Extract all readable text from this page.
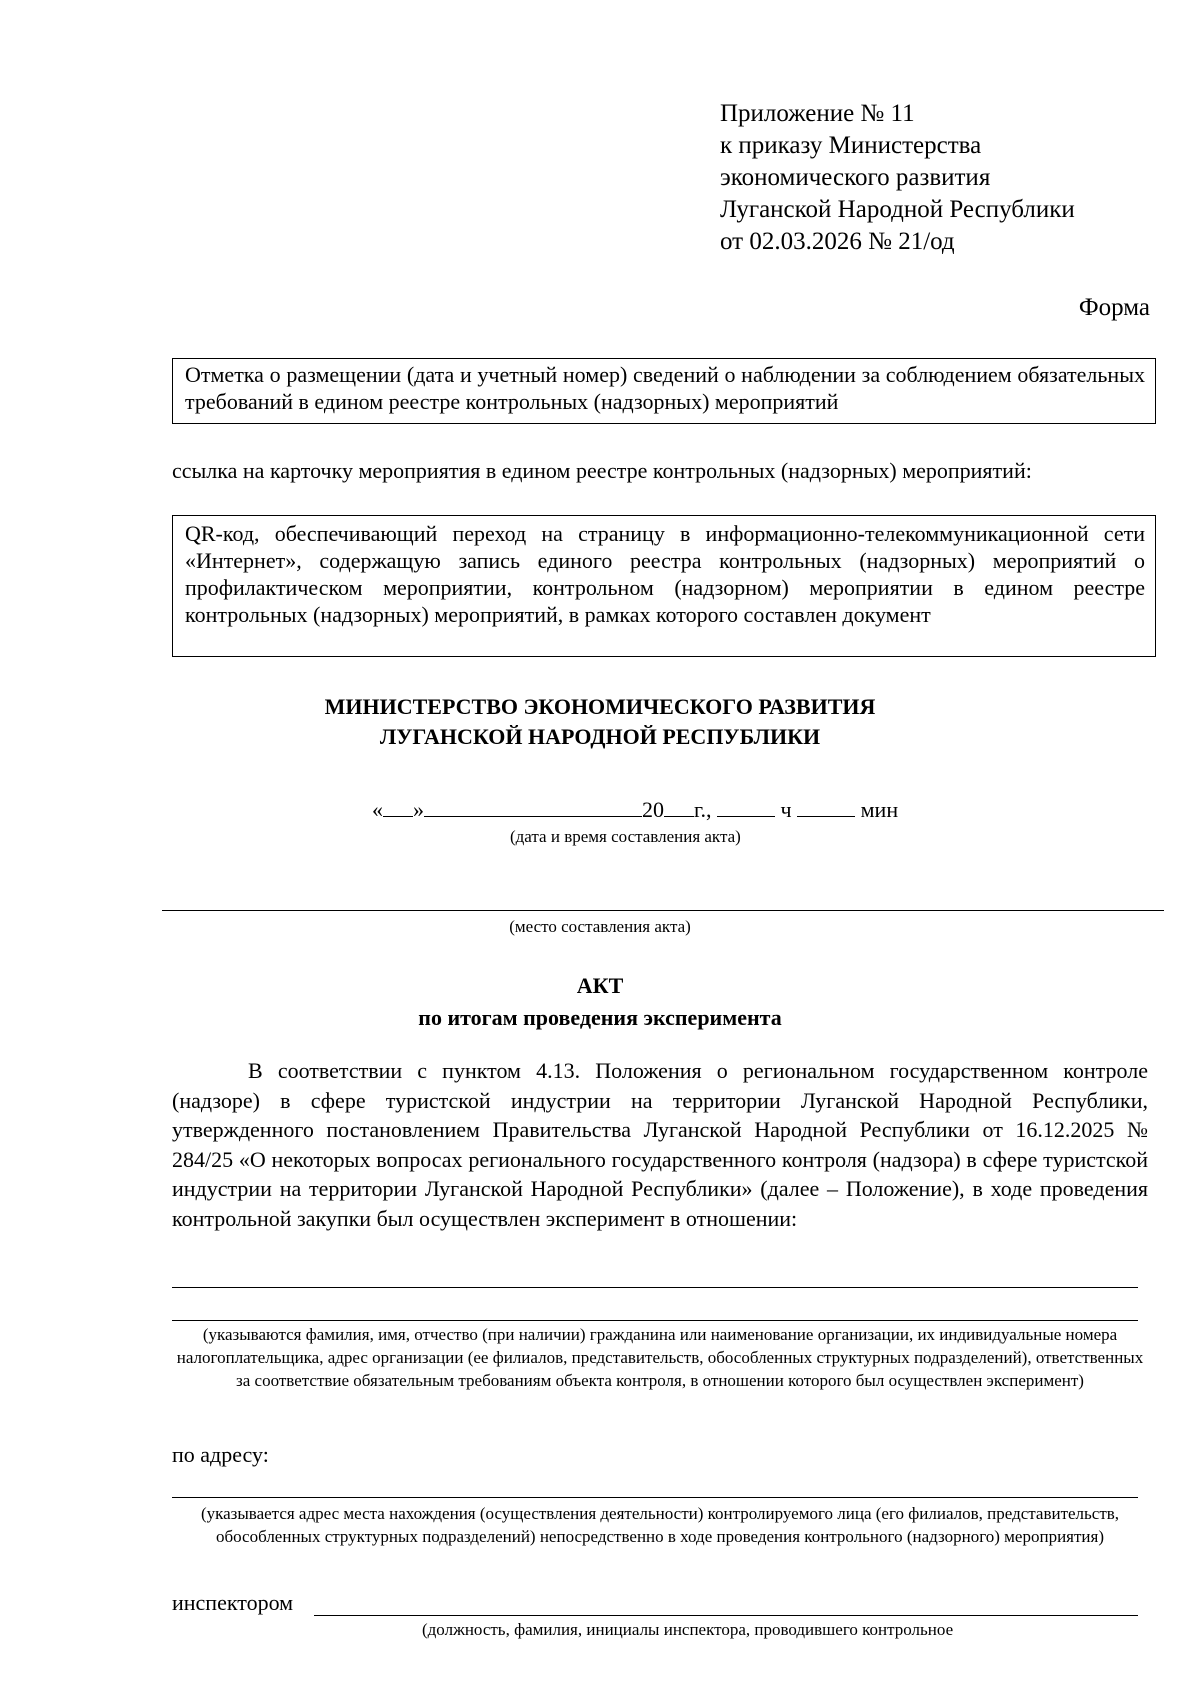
Приложение № 11
к приказу Министерства
экономического развития
Луганской Народной Республики
от 02.03.2026 № 21/од
Форма
Отметка о размещении (дата и учетный номер) сведений о наблюдении за соблюдением обязательных требований в едином реестре контрольных (надзорных) мероприятий
ссылка на карточку мероприятия в едином реестре контрольных (надзорных) мероприятий:
QR-код, обеспечивающий переход на страницу в информационно-телекоммуникационной сети «Интернет», содержащую запись единого реестра контрольных (надзорных) мероприятий о профилактическом мероприятии, контрольном (надзорном) мероприятии в едином реестре контрольных (надзорных) мероприятий, в рамках которого составлен документ
МИНИСТЕРСТВО ЭКОНОМИЧЕСКОГО РАЗВИТИЯ
ЛУГАНСКОЙ НАРОДНОЙ РЕСПУБЛИКИ
« »	20 г.,	ч	мин
(дата и время составления акта)
(место составления акта)
АКТ
по итогам проведения эксперимента
В соответствии с пунктом 4.13. Положения о региональном государственном контроле (надзоре) в сфере туристской индустрии на территории Луганской Народной Республики, утвержденного постановлением Правительства Луганской Народной Республики от 16.12.2025 № 284/25 «О некоторых вопросах регионального государственного контроля (надзора) в сфере туристской индустрии на территории Луганской Народной Республики» (далее – Положение), в ходе проведения контрольной закупки был осуществлен эксперимент в отношении:
(указываются фамилия, имя, отчество (при наличии) гражданина или наименование организации, их индивидуальные номера налогоплательщика, адрес организации (ее филиалов, представительств, обособленных структурных подразделений), ответственных за соответствие обязательным требованиям объекта контроля, в отношении которого был осуществлен эксперимент)
по адресу:
(указывается адрес места нахождения (осуществления деятельности) контролируемого лица (его филиалов, представительств, обособленных структурных подразделений) непосредственно в ходе проведения контрольного (надзорного) мероприятия)
инспектором
(должность, фамилия, инициалы инспектора, проводившего контрольное
